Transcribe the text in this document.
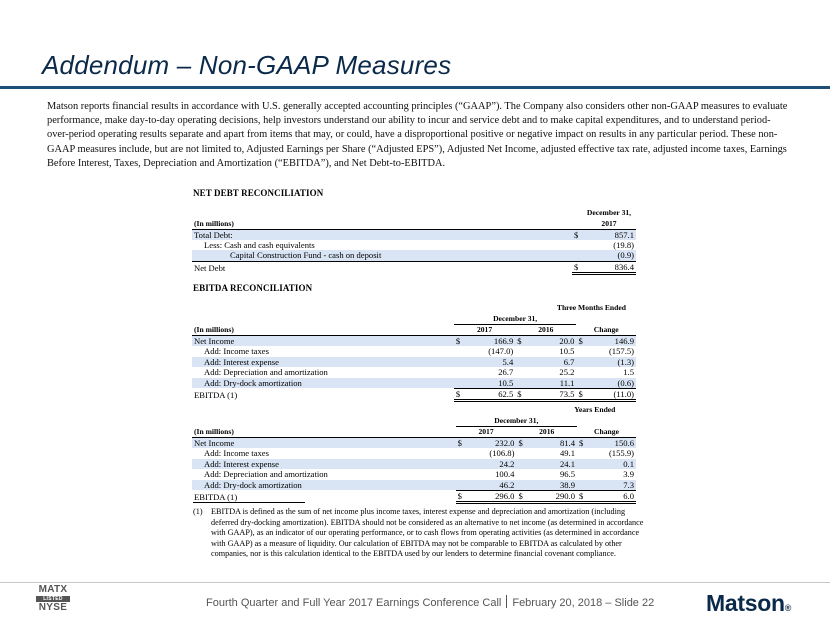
Addendum – Non-GAAP Measures
Matson reports financial results in accordance with U.S. generally accepted accounting principles (“GAAP”). The Company also considers other non-GAAP measures to evaluate performance, make day-to-day operating decisions, help investors understand our ability to incur and service debt and to make capital expenditures, and to understand period-over-period operating results separate and apart from items that may, or could, have a disproportional positive or negative impact on results in any particular period. These non-GAAP measures include, but are not limited to, Adjusted Earnings per Share (“Adjusted EPS”), Adjusted Net Income, adjusted effective tax rate, adjusted income taxes, Earnings Before Interest, Taxes, Depreciation and Amortization (“EBITDA”), and Net Debt-to-EBITDA.
NET DEBT RECONCILIATION
		December 31,
(In millions)		2017
Total Debt:	$	857.1
Less: Cash and cash equivalents		(19.8)
Capital Construction Fund - cash on deposit		(0.9)
Net Debt	$	836.4
EBITDA RECONCILIATION
	Three Months Ended					
	December 31,					
(In millions)	2017		2016		Change	
Net Income	$	166.9	$	20.0	$	146.9
Add: Income taxes		(147.0)		10.5		(157.5)
Add: Interest expense		5.4		6.7		(1.3)
Add: Depreciation and amortization		26.7		25.2		1.5
Add: Dry-dock amortization		10.5		11.1		(0.6)
EBITDA (1)	$	62.5	$	73.5	$	(11.0)
	Years Ended					
	December 31,					
(In millions)	2017		2016		Change	
Net Income	$	232.0	$	81.4	$	150.6
Add: Income taxes		(106.8)		49.1		(155.9)
Add: Interest expense		24.2		24.1		0.1
Add: Depreciation and amortization		100.4		96.5		3.9
Add: Dry-dock amortization		46.2		38.9		7.3
EBITDA (1)	$	296.0	$	290.0	$	6.0
(1)	EBITDA is defined as the sum of net income plus income taxes, interest expense and depreciation and amortization (including deferred dry-docking amortization). EBITDA should not be considered as an alternative to net income (as determined in accordance with GAAP), as an indicator of our operating performance, or to cash flows from operating activities (as determined in accordance with GAAP) as a measure of liquidity. Our calculation of EBITDA may not be comparable to EBITDA as calculated by other companies, nor is this calculation identical to the EBITDA used by our lenders to determine financial covenant compliance.
MATX
LISTED
NYSE	Fourth Quarter and Full Year 2017 Earnings Conference Call February 20, 2018 – Slide 22 Matson®
